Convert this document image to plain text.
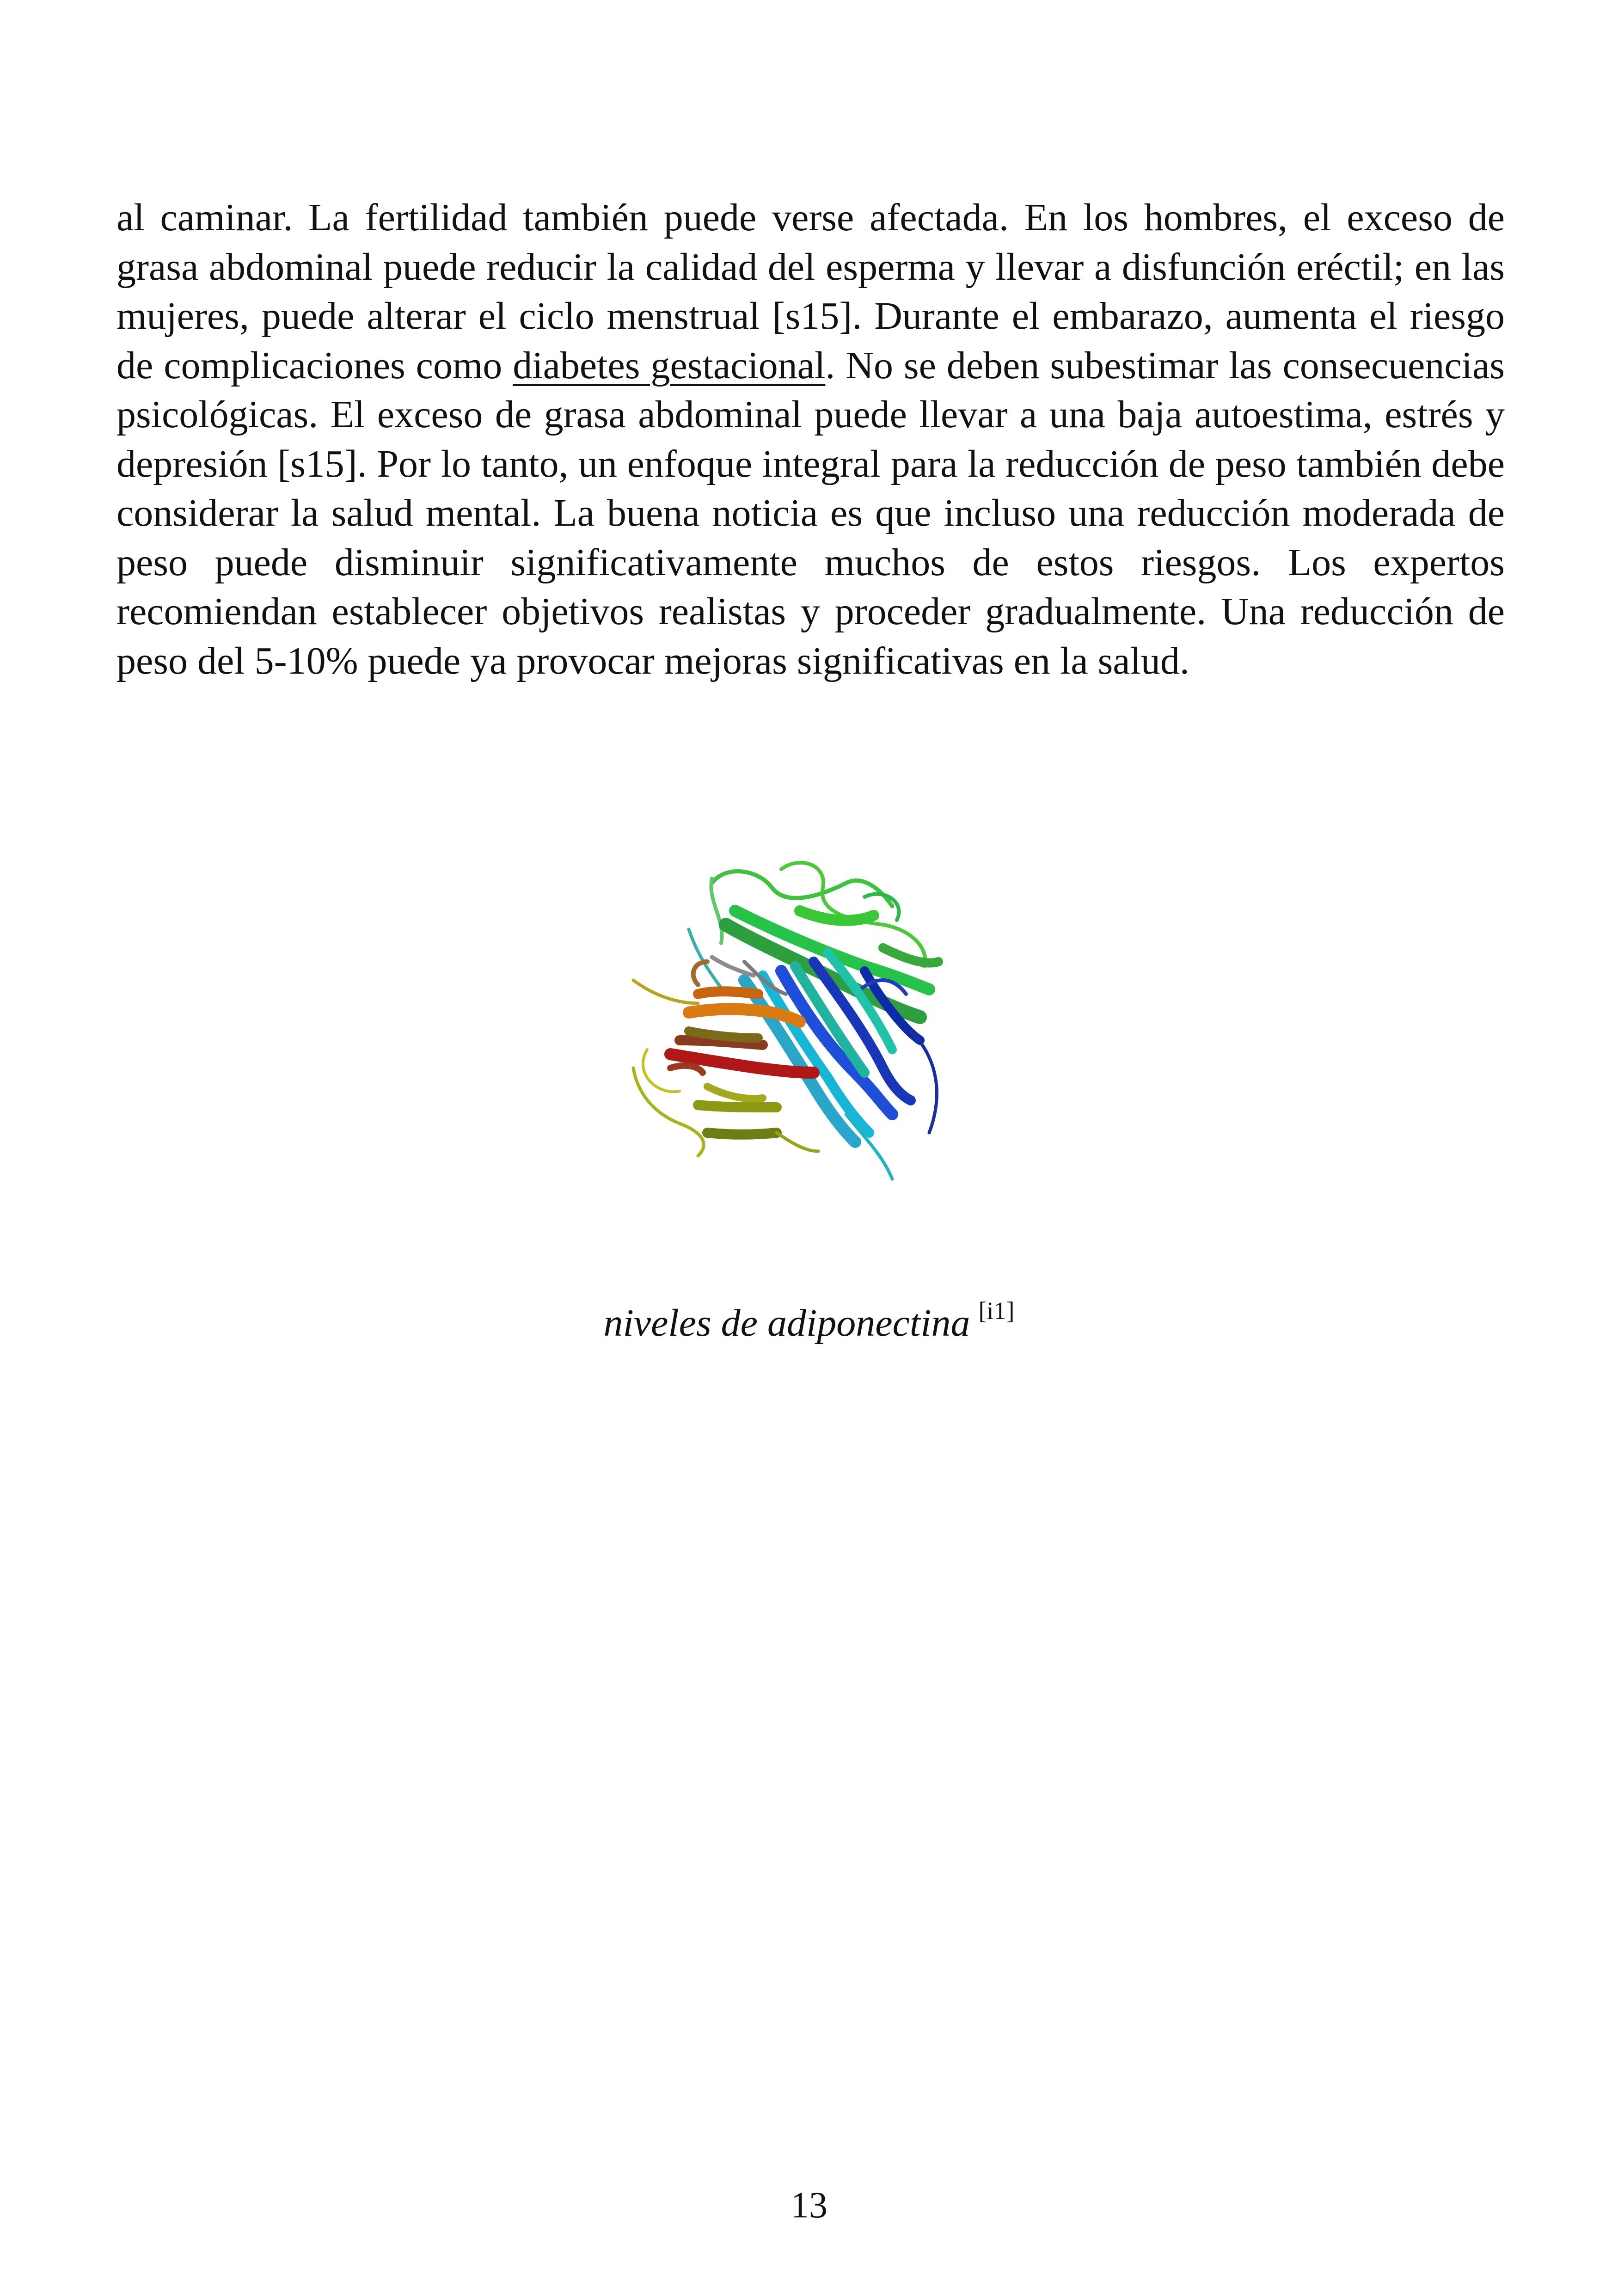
al caminar. La fertilidad también puede verse afectada. En los hombres, el exceso de grasa abdominal puede reducir la calidad del esperma y llevar a disfunción eréctil; en las mujeres, puede alterar el ciclo menstrual [s15]. Durante el embarazo, aumenta el riesgo de complicaciones como diabetes gestacional. No se deben subestimar las consecuencias psicológicas. El exceso de grasa abdominal puede llevar a una baja autoestima, estrés y depresión [s15]. Por lo tanto, un enfoque integral para la reducción de peso también debe considerar la salud mental. La buena noticia es que incluso una reducción moderada de peso puede disminuir significativamente muchos de estos riesgos. Los expertos recomiendan establecer objetivos realistas y proceder gradualmente. Una reducción de peso del 5-10% puede ya provocar mejoras significativas en la salud.

niveles de adiponectina [i1]
13
